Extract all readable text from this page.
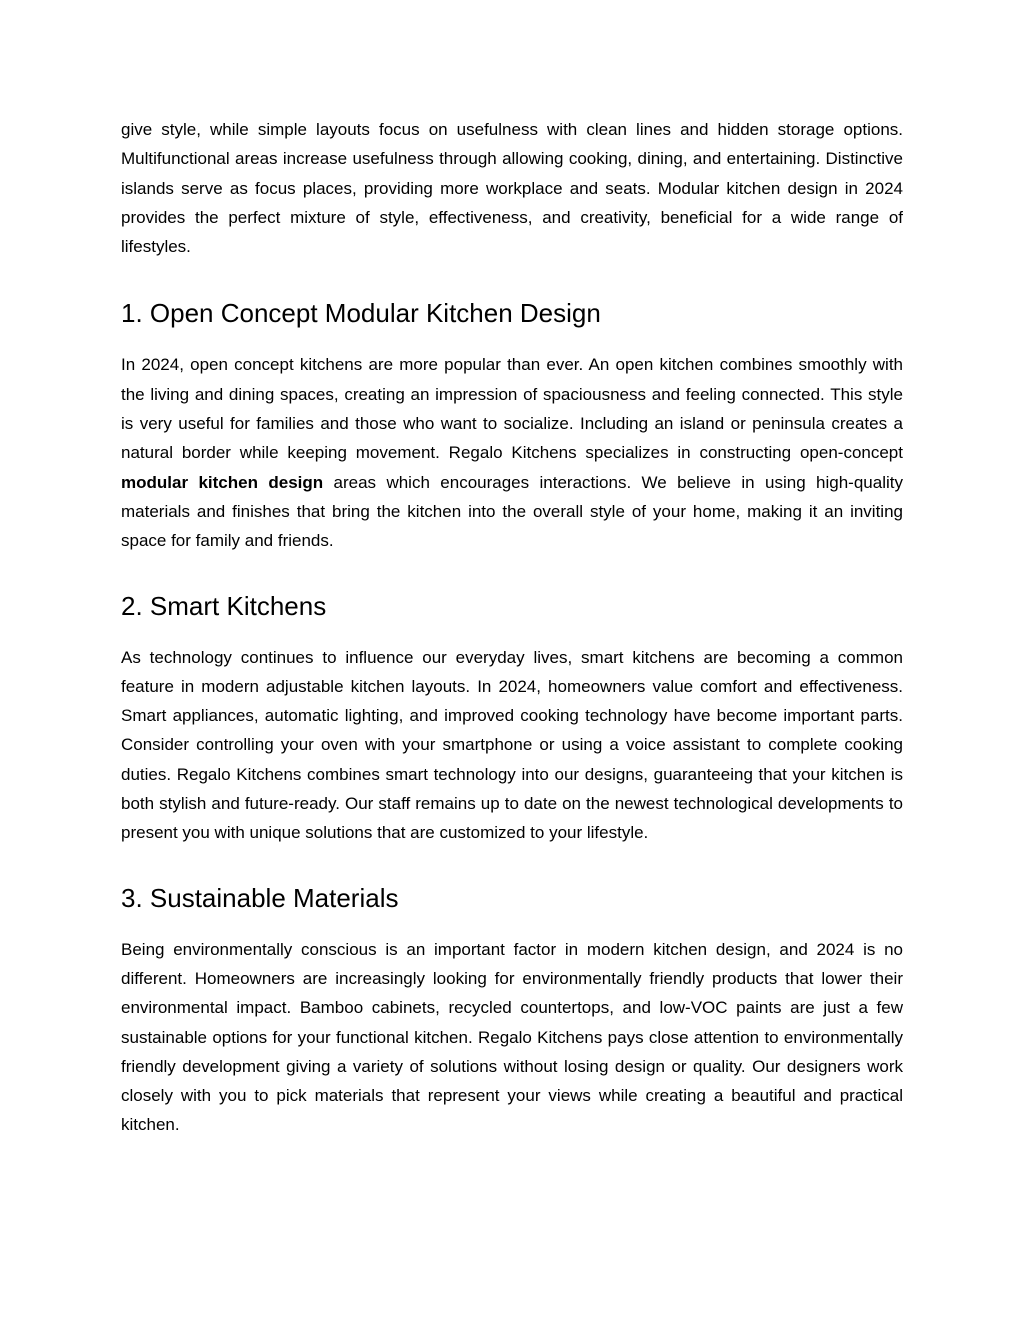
give style, while simple layouts focus on usefulness with clean lines and hidden storage options. Multifunctional areas increase usefulness through allowing cooking, dining, and entertaining. Distinctive islands serve as focus places, providing more workplace and seats. Modular kitchen design in 2024 provides the perfect mixture of style, effectiveness, and creativity, beneficial for a wide range of lifestyles.

1. Open Concept Modular Kitchen Design

In 2024, open concept kitchens are more popular than ever. An open kitchen combines smoothly with the living and dining spaces, creating an impression of spaciousness and feeling connected. This style is very useful for families and those who want to socialize. Including an island or peninsula creates a natural border while keeping movement. Regalo Kitchens specializes in constructing open-concept modular kitchen design areas which encourages interactions. We believe in using high-quality materials and finishes that bring the kitchen into the overall style of your home, making it an inviting space for family and friends.

2. Smart Kitchens

As technology continues to influence our everyday lives, smart kitchens are becoming a common feature in modern adjustable kitchen layouts. In 2024, homeowners value comfort and effectiveness. Smart appliances, automatic lighting, and improved cooking technology have become important parts. Consider controlling your oven with your smartphone or using a voice assistant to complete cooking duties. Regalo Kitchens combines smart technology into our designs, guaranteeing that your kitchen is both stylish and future-ready. Our staff remains up to date on the newest technological developments to present you with unique solutions that are customized to your lifestyle.

3. Sustainable Materials

Being environmentally conscious is an important factor in modern kitchen design, and 2024 is no different. Homeowners are increasingly looking for environmentally friendly products that lower their environmental impact. Bamboo cabinets, recycled countertops, and low-VOC paints are just a few sustainable options for your functional kitchen. Regalo Kitchens pays close attention to environmentally friendly development giving a variety of solutions without losing design or quality. Our designers work closely with you to pick materials that represent your views while creating a beautiful and practical kitchen.
